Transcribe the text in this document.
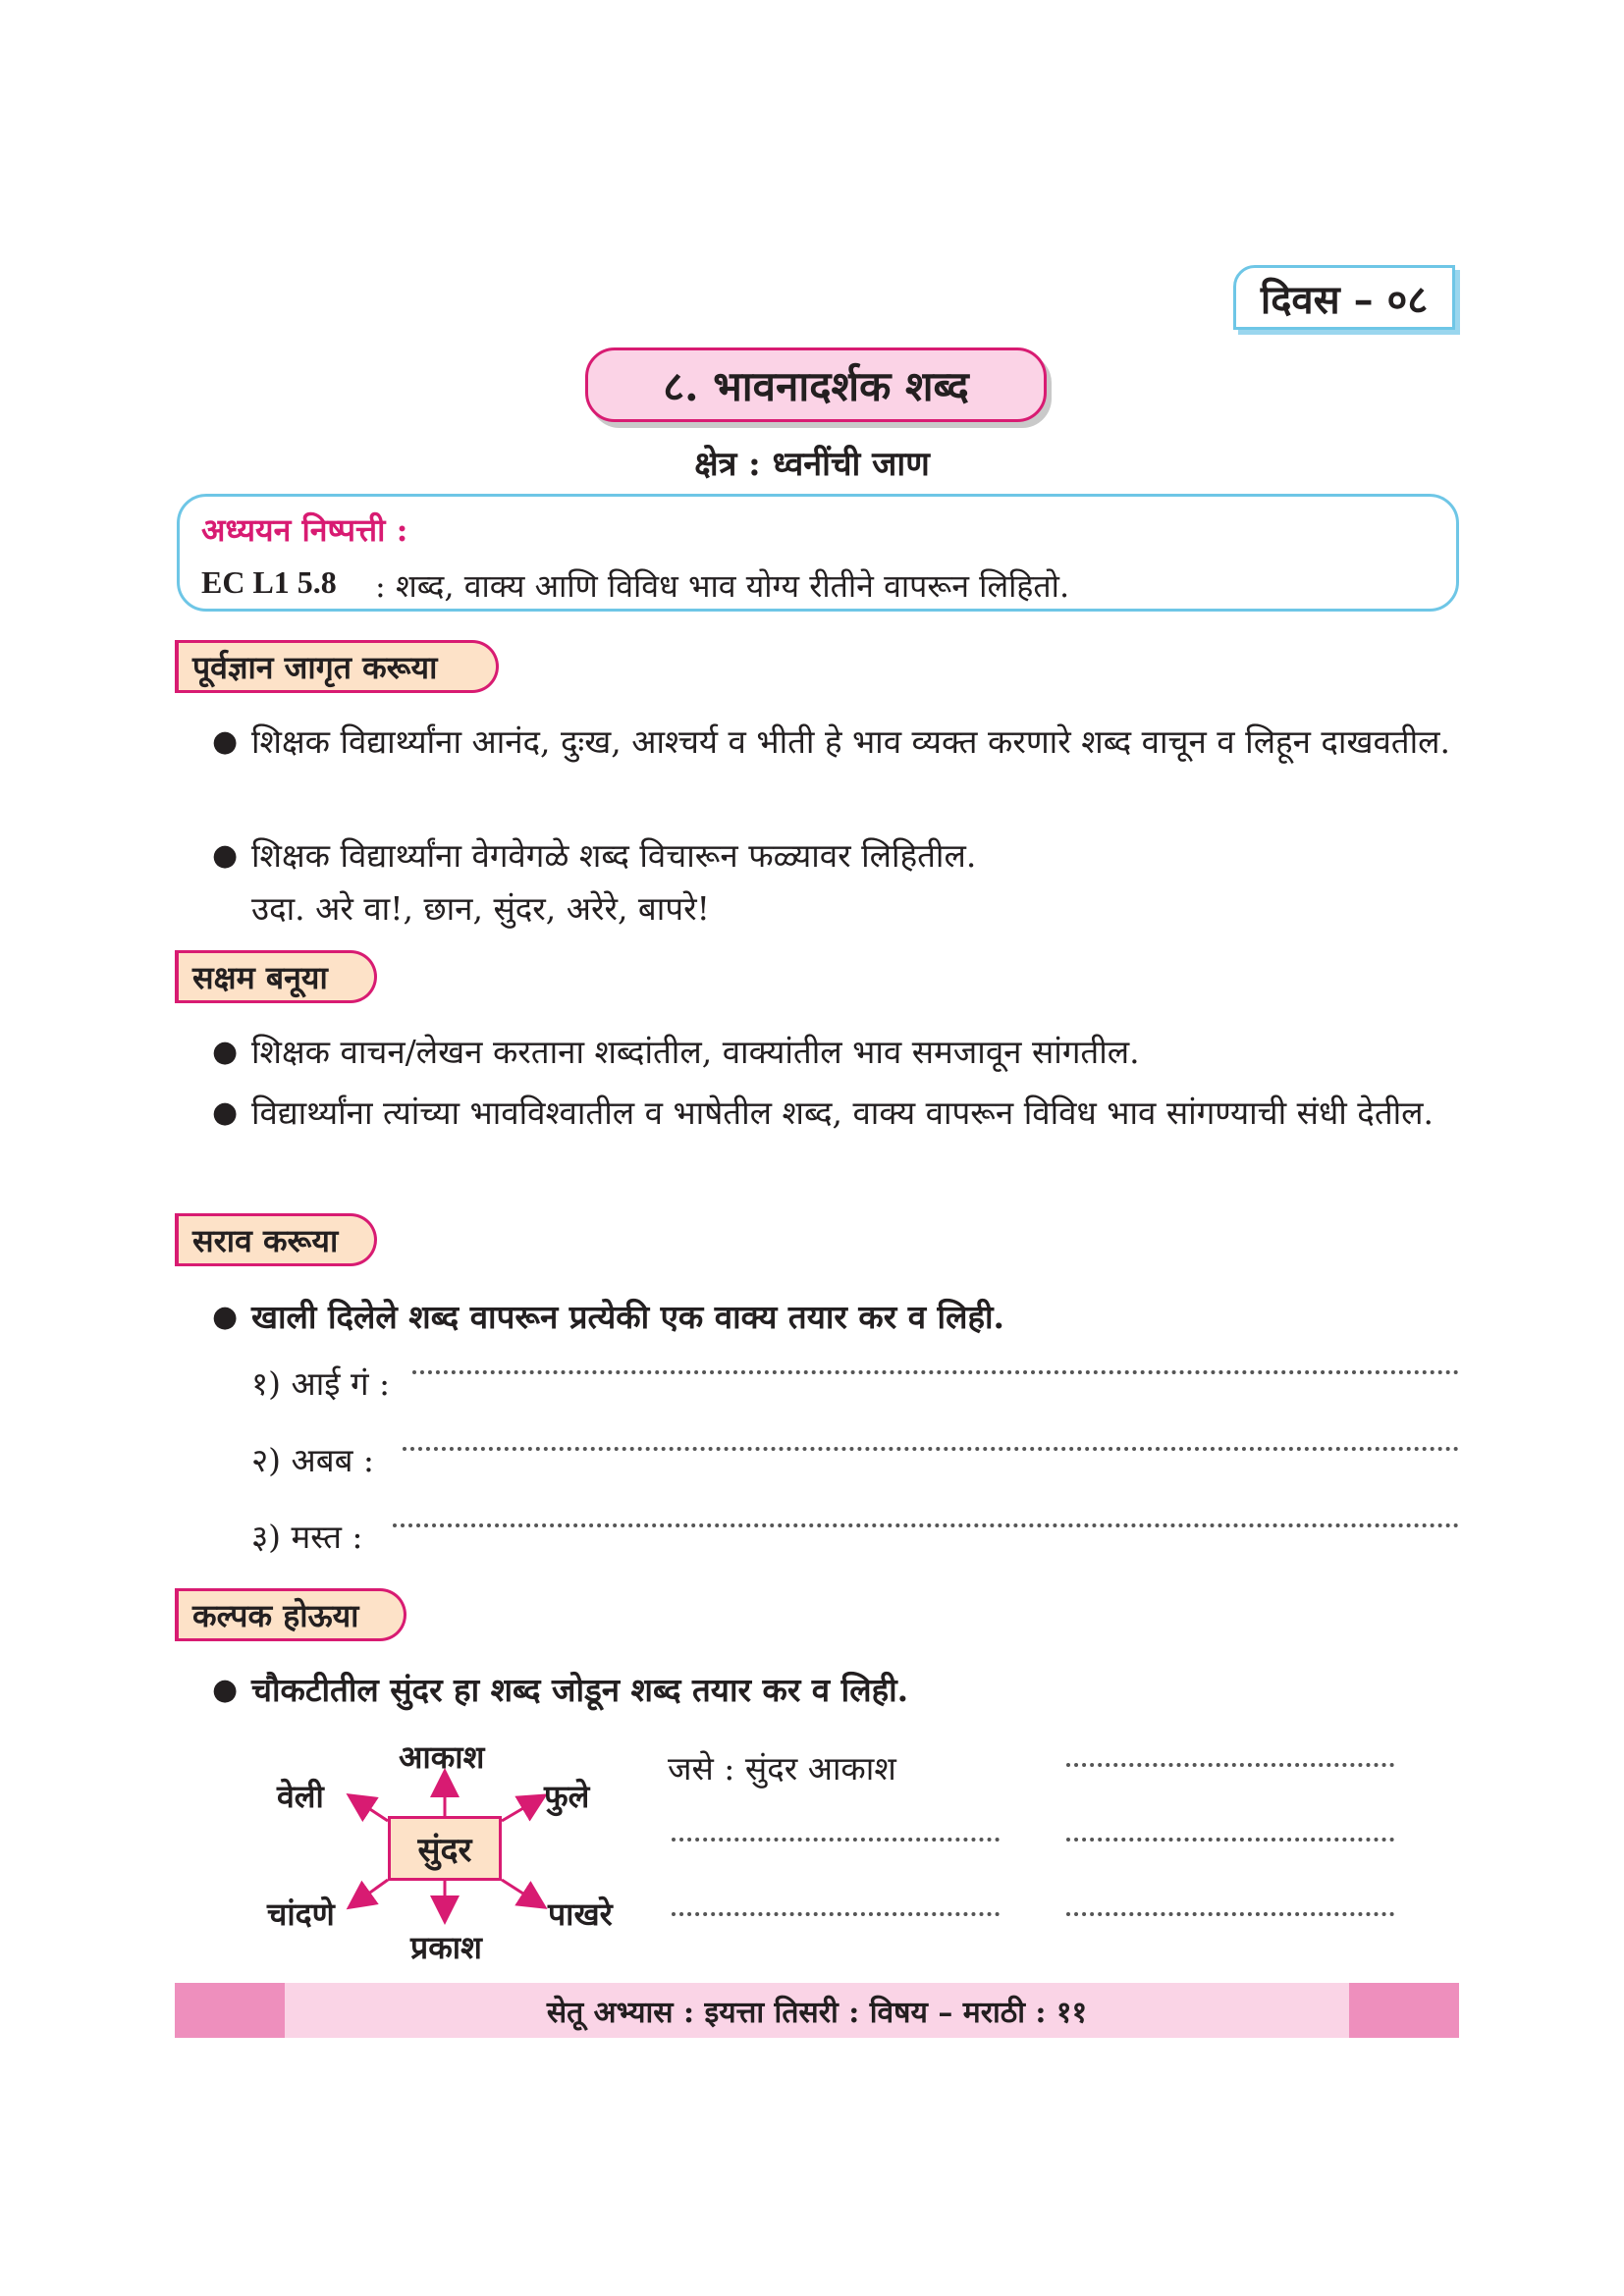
दिवस – ०८
८. भावनादर्शक शब्द
क्षेत्र : ध्वनींची जाण
अध्ययन निष्पत्ती :
EC L1 5.8 : शब्द, वाक्य आणि विविध भाव योग्य रीतीने वापरून लिहितो.
पूर्वज्ञान जागृत करूया
● शिक्षक विद्यार्थ्यांना आनंद, दुःख, आश्चर्य व भीती हे भाव व्यक्त करणारे शब्द वाचून व लिहून दाखवतील.
● शिक्षक विद्यार्थ्यांना वेगवेगळे शब्द विचारून फळ्यावर लिहितील.
उदा. अरे वा!, छान, सुंदर, अरेरे, बापरे!
सक्षम बनूया
● शिक्षक वाचन/लेखन करताना शब्दांतील, वाक्यांतील भाव समजावून सांगतील.
● विद्यार्थ्यांना त्यांच्या भावविश्वातील व भाषेतील शब्द, वाक्य वापरून विविध भाव सांगण्याची संधी देतील.
सराव करूया
● खाली दिलेले शब्द वापरून प्रत्येकी एक वाक्य तयार कर व लिही.
१) आई गं :
२) अबब :
३) मस्त :
कल्पक होऊया
● चौकटीतील सुंदर हा शब्द जोडून शब्द तयार कर व लिही.
सुंदर
आकाश
वेली	फुले
चांदणे
प्रकाश
पाखरे
जसे : सुंदर आकाश
सेतू अभ्यास : इयत्ता तिसरी : विषय – मराठी : ११
